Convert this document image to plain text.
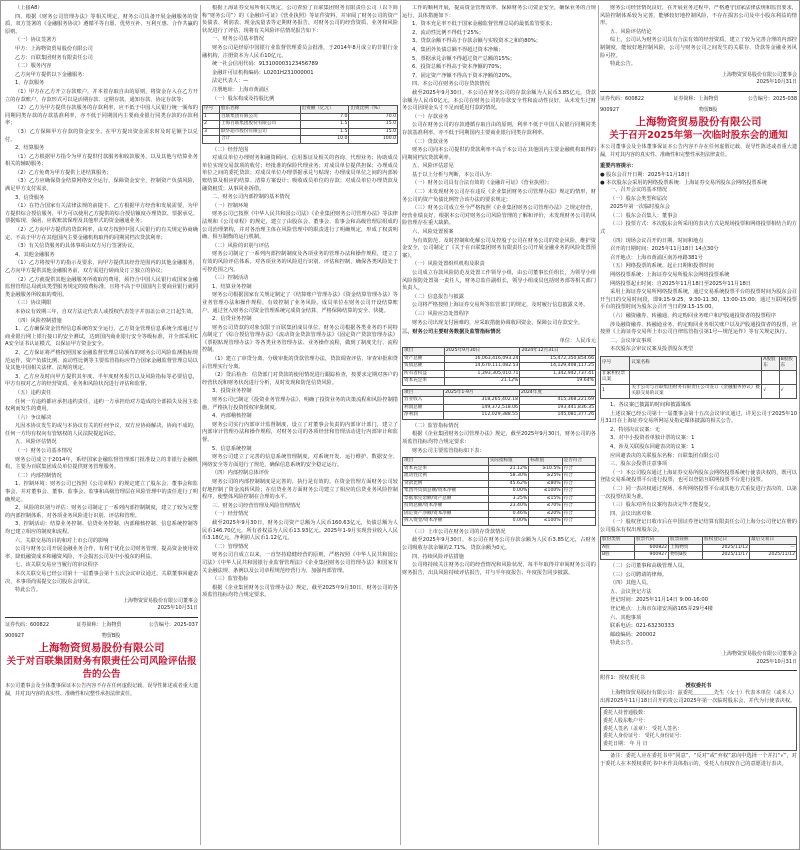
（上接A8）
四、根据《财务公司管理办法》等相关规定，财务公司具备开展金融服务的资质，双方签署的《金融服务协议》遵循平等自愿、优势互补、互利互惠、合作共赢的原则。
（一）协议签署方
甲方：上海物资贸易股份有限公司
乙方：百联集团财务有限责任公司
（二）服务内容
乙方向甲方提供以下金融服务：
1、存款服务
（1）甲方在乙方开立存款账户，并本着存取自由的原则，将资金存入在乙方开立的存款账户，存款形式可以是活期存款、定期存款、通知存款、协定存款等；
（2）乙方为甲方提供存款服务的存款利率，应不低于中国人民银行统一颁布的同期同类存款的存款基准利率，亦不低于同期国内主要商业银行同类存款的存款利率；
（3）乙方保障甲方存款的资金安全，在甲方提出资金需求时及时足额予以兑付。
2、结算服务
（1）乙方根据甲方指令为甲方提供付款服务和收款服务，以及其他与结算业务相关的辅助服务；
（2）乙方免费为甲方提供上述结算服务；
（3）乙方应确保资金结算网络安全运行，保障资金安全，控制资产负债风险，满足甲方支付需求。
3、信贷服务
（1）在符合国家有关法律法规的前提下，乙方根据甲方经营和发展需要，为甲方提供综合授信服务，甲方可以使用乙方提供的综合授信额度办理贷款、票据承兑、票据贴现、保函、应收账款保理及其他形式的资金融通业务；
（2）乙方向甲方提供的贷款利率，由双方按照中国人民银行的有关规定协商确定，不高于甲方在其他国内主要金融机构取得的同期同档次贷款利率；
（3）有关信贷服务的具体事项由双方另行签署协议。
4、其他金融服务
（1）乙方将按甲方的指示及要求，向甲方提供其经营范围内的其他金融服务，乙方向甲方提供其他金融服务前，双方需进行磋商及订立独立的协议；
（2）乙方就提供其他金融服务所收取的费用，须符合中国人民银行或国家金融监督管理总局就该类型服务规定的收费标准，且将不高于中国国内主要商业银行就同类金融服务所收取的费用。
（三）协议期限
本协议有效期三年，自双方法定代表人或授权代表签字并加盖公章之日起生效。
（四）风险控制措施
1、乙方确保资金管理信息系统的安全运行，乙方资金管理信息系统全部通过与商业银行网上银行接口的安全测试，达到国内商业银行安全等级标准，并全部采用CA安全证书认证模式，以保证甲方资金安全。
2、乙方保证将严格按照国家金融监督管理总局颁布的财务公司风险监测指标规范运作，资产负债比例、流动性比例等主要监管指标应符合国家金融监督管理总局以及其他中国相关法律、法规的规定。
3、乙方应及时向甲方提供其年度、半年度财务报告以及风险指标等必要信息，甲方有权对乙方的经营资质、业务和风险状况进行评估和监督。
（五）违约责任
任何一方违约都应承担违约责任，违约一方承担给对方造成的全部损失及因主张权利而发生的费用。
（六）争议解决
凡因本协议发生的或与本协议有关的任何争议，双方应协商解决，协商不成的，任何一方均有权向有管辖权的人民法院提起诉讼。
五、风险评估情况
（一）财务公司基本情况
财务公司成立于2014年，系经国家金融监督管理部门批准设立的非银行金融机构，主要为百联集团成员单位提供财务管理服务。
（二）内部控制情况
1、控制环境：财务公司已按照《公司章程》的规定建立了股东会、董事会和监事会，并对董事会、董事、监事会、监事和高级管理层在风险管理中的责任进行了明确规定。
2、风险的识别与评估：财务公司制定了一系列内部控制制度，建立了较为完整的内部控制体系，对各项业务风险进行识别、评估和管理。
3、控制活动：结算业务控制、信贷业务控制、内部稽核控制、信息系统控制等均已建立相应的制度和流程。
六、关联交易的目的和对上市公司的影响
公司与财务公司开展金融业务合作，有利于优化公司财务管理，提高资金使用效率，降低融资成本和融资风险，不会损害公司及中小股东的利益。
七、该关联交易应当履行的审议程序
本次关联交易已经公司第十一届董事会第十五次会议审议通过，关联董事回避表决，本事项尚需提交公司股东会审议。
特此公告。
上海物资贸易股份有限公司董事会
2025年10月31日
证券代码：600822	证券简称：上海物贸	公告编号：2025-037
900927	物贸B股
上海物资贸易股份有限公司
关于对百联集团财务有限责任公司风险评估报告的公告
本公司董事会及全体董事保证本公告内容不存在任何虚假记载、误导性陈述或者重大遗漏，并对其内容的真实性、准确性和完整性承担法律责任。
根据上海证券交易所相关规定，公司查验了百联集团财务有限责任公司（以下简称“财务公司”）的《金融许可证》《营业执照》等证件资料，并审阅了财务公司的资产负债表、利润表、现金流量表等定期财务报告，对财务公司的经营资质、业务和风险状况进行了评估，现将有关风险评估情况报告如下：
一、财务公司基本情况
财务公司是经原中国银行业监督管理委员会批准，于2014年8月成立的非银行金融机构，注册资本为人民币10亿元。
统一社会信用代码：913100003123456789
金融许可证机构编码：L0201H231000001
法定代表人：—
注册地址：上海市黄浦区
（一）股东构成及持股比例
序号	股东名称	出资额（亿元）	出资比例（%）
1	百联集团有限公司	7.0	70.0
2	上海百联集团股份有限公司	1.5	15.0
3	联华超市股份有限公司	1.5	15.0
	合计	10.0	100.0
（二）经营范围
对成员单位办理财务和融资顾问、信用鉴证及相关的咨询、代理业务；协助成员单位实现交易款项的收付；经批准的保险代理业务；对成员单位提供担保；办理成员单位之间的委托贷款；对成员单位办理票据承兑与贴现；办理成员单位之间的内部转账结算及相应的结算、清算方案设计；吸收成员单位的存款；对成员单位办理贷款及融资租赁；从事同业拆借。
二、财务公司内部控制的基本情况
（一）控制环境
财务公司已按照《中华人民共和国公司法》《企业集团财务公司管理办法》等法律法规和《公司章程》的规定，建立了由股东会、董事会、监事会和高级管理层组成的公司治理架构，并对各治理主体在风险管理中的职责进行了明确规定，形成了权责明确、相互制衡的运行机制。
（二）风险的识别与评估
财务公司制定了一系列内部控制制度及各项业务的管理办法和操作规程，建立了有效的风险评估体系，对各项业务的风险进行识别、评估和控制，确保各类风险处于可控范围之内。
（三）控制活动
1、结算业务控制
财务公司根据国家有关规定制定了《结算账户管理办法》《资金结算管理办法》等业务管理办法和操作规程，有效控制了业务风险。成员单位在财务公司开设结算账户，通过登入财务公司资金管理系统完成资金结算，严格保障结算的安全、快捷。
2、信贷业务控制
财务公司贷款的对象仅限于百联集团成员单位。财务公司根据各类业务的不同特点制定了《综合授信管理办法》《流动资金贷款管理办法》《固定资产贷款管理办法》《票据贴现管理办法》等各类业务管理办法、业务操作流程，做到了制度先行、流程控制。
（1）建立了审贷分离、分级审批的贷款管理办法，贷款调查评估、审查审批和贷后管理实行分离。
（2）贷后检查：信贷部门对贷款的使用情况进行跟踪检查，按要求定期对客户的经营状况和财务状况进行分析，及时发现和防范信贷风险。
3、投资业务控制
财务公司已制定《投资业务管理办法》，明确了投资业务的决策流程和风险控制措施，严格执行投资授权审批制度。
4、内部稽核控制
财务公司实行内部审计监督制度，设立了对董事会负责的内部审计部门，建立了内部审计管理办法和操作规程，对财务公司的各项经营和管理活动进行内部审计和监督。
5、信息系统控制
财务公司建立了完善的信息系统管理制度，对系统开发、运行维护、数据安全、网络安全等方面进行了规范，确保信息系统的安全稳定运行。
（四）内部控制总体评价
财务公司的内部控制制度是完善的，执行是有效的。在资金管理方面财务公司较好地控制了资金流转风险；在信贷业务方面财务公司建立了相应的信贷业务风险控制程序，使整体风险控制在合理的水平。
三、财务公司经营管理及风险管理情况
（一）经营情况
截至2025年9月30日，财务公司资产总额为人民币160.63亿元，负债总额为人民币146.70亿元，所有者权益为人民币13.93亿元。2025年1-9月实现营业收入人民币3.18亿元，净利润人民币1.12亿元。
（二）管理情况
财务公司自成立以来，一直坚持稳健经营的原则，严格按照《中华人民共和国公司法》《中华人民共和国银行业监督管理法》《企业集团财务公司管理办法》和国家有关金融法规、条例以及公司章程规范经营行为，加强内部管理。
（三）监管指标
根据《企业集团财务公司管理办法》规定，截至2025年9月30日，财务公司的各项监管指标均符合规定要求。
工作的顺利开展，提高资金管理效率，保障财务公司资金安全，确保业务的合规运行，具体措施如下：
1、资本充足率不低于国家金融监督管理总局的最低监管要求；
2、流动性比例不得低于25%；
3、贷款余额不得高于存款余额与实收资本之和的80%；
4、集团外负债总额不得超过资本净额；
5、票据承兑余额不得超过资产总额的15%；
6、投资总额不得高于资本净额的70%；
7、固定资产净额不得高于资本净额的20%。
四、本公司在财务公司存贷款情况
截至2025年9月30日，本公司在财务公司的存款余额为人民币3.85亿元，贷款余额为人民币0亿元。本公司在财务公司的存款安全性和流动性良好，从未发生过财务公司因现金头寸不足而延迟付款的情况。
（一）存款业务
公司在财务公司的存款遵循存取自由的原则，利率不低于中国人民银行同期同类存款基准利率，亦不低于同期国内主要商业银行同类存款利率。
（二）贷款业务
财务公司向本公司提供的贷款利率不高于本公司在其他国内主要金融机构取得的同期同档次贷款利率。
五、风险评估意见
基于以上分析与判断，本公司认为：
（一）财务公司具有合法有效的《金融许可证》《营业执照》；
（二）未发现财务公司存在违反《企业集团财务公司管理办法》规定的情形，财务公司的资产负债比例符合该办法的要求规定；
（三）财务公司成立至今严格按照《企业集团财务公司管理办法》之规定经营，经营业绩良好，根据本公司对财务公司风险管理的了解和评价，未发现财务公司的风险管理存在重大缺陷。
六、风险处置预案
为有效防范、及时控制和化解公司及控股子公司在财务公司的资金风险，维护资金安全，公司制定了《关于在百联集团财务有限责任公司开展金融业务的风险处置预案》。
（一）风险处置组织机构及职责
公司成立存款风险防范及处置工作领导小组，由公司董事长任组长，为领导小组风险预防处置第一责任人，财务总监任副组长，领导小组成员包括财务部等相关部门负责人。
（二）信息报告与披露
公司将严格按照上海证券交易所等监管部门的规定，及时履行信息披露义务。
（三）风险应急处置程序
财务公司出现支付困难的，应采取措施协调收回资金，保障公司存款安全。
三、财务公司主要财务数据及监管指标情况
单位：人民币元
项目	2025年9月30日	2024年12月31日
资产总额	16,063,416,093.24	15,472,350,854.66
负债总额	14,670,111,082.53	14,129,408,117.25
所有者权益	1,393,305,010.71	1,342,942,737.41
资本充足率	21.12%	19.64%
项目	2025年1-9月	2024年度
营业收入	318,265,402.18	415,368,221.69
利润总额	149,372,518.06	193,441,836.35
净利润	112,029,388.55	145,081,377.26
（二）监管指标情况
根据《企业集团财务公司管理办法》规定，截至2025年9月30日，财务公司的各项监管指标均符合规定要求：
财务公司主要监管指标如下表：
项目	实际指标值	标准值	是否符合
资本充足率	21.12%	≥10.5%	符合
流动性比例	58.30%	≥25%	符合
贷款比例	45.62%	≤80%	符合
集团外负债总额/资本净额	0.00%	≤100%	符合
票据承兑余额/资产总额	3.25%	≤15%	符合
投资总额/资本净额	23.40%	≤70%	符合
固定资产净额/资本净额	0.46%	≤20%	符合
拆入资金/资本净额	0.00%	≤100%	符合
（三）上市公司在财务公司的存贷款情况
截至2025年9月30日，本公司在财务公司存款余额为人民币3.85亿元，占财务公司吸收存款余额的2.71%，贷款余额为0元。
四、持续风险评估措施
公司将持续关注财务公司的经营情况和风险状况，每半年取得并审阅财务公司的财务报告，出具风险持续评估报告，并与半年度报告、年度报告同步披露。
财务公司经营情况良好，在开展业务过程中，严格遵守国家法律法规和监管要求，风险控制体系较为完善，能够较好地控制风险，不存在损害公司及中小股东利益的情形。
五、风险评估结论
综上，公司认为财务公司具有合法有效的经营资质，建立了较为完善合理的内部控制制度，能较好地控制风险，公司与财务公司之间发生的关联存、贷款等金融业务风险可控。
特此公告。
上海物资贸易股份有限公司董事会
2025年10月31日
证券代码：600822	证券简称：上海物贸	公告编号：2025-038
900927	物贸B股
上海物资贸易股份有限公司
关于召开2025年第一次临时股东会的通知
本公司董事会及全体董事保证本公告内容不存在任何虚假记载、误导性陈述或者重大遗漏，并对其内容的真实性、准确性和完整性承担法律责任。
重要内容提示：
● 股东会召开日期：2025年11月18日
● 本次股东会采用的网络投票系统：上海证券交易所股东会网络投票系统
一、召开会议的基本情况
（一）股东会类型和届次
2025年第一次临时股东会
（二）股东会召集人：董事会
（三）投票方式：本次股东会所采用的表决方式是现场投票和网络投票相结合的方式
（四）现场会议召开的日期、时间和地点
召开的日期时间：2025年11月18日 14点30分
召开地点：上海市黄浦区南苏州路381号
（五）网络投票的系统、起止日期和投票时间
网络投票系统：上海证券交易所股东会网络投票系统
网络投票起止时间：自2025年11月18日至2025年11月18日
采用上海证券交易所网络投票系统，通过交易系统投票平台的投票时间为股东会召开当日的交易时间段，即9:15-9:25，9:30-11:30，13:00-15:00；通过互联网投票平台的投票时间为股东会召开当日的9:15-15:00。
（六）融资融券、转融通、约定购回业务账户和沪股通投资者的投票程序
涉及融资融券、转融通业务、约定购回业务相关账户以及沪股通投资者的投票，应按照《上海证券交易所上市公司自律监管指引第1号—规范运作》等有关规定执行。
二、会议审议事项
本次股东会审议议案及投票股东类型
序号	议案名称	A股股东	B股股东
非累积投票议案			
1	关于公司与百联集团财务有限责任公司签订《金融服务协议》暨关联交易的议案	√	√
1、各议案已披露的时间和披露媒体
上述议案已经公司第十一届董事会第十五次会议审议通过，详见公司于2025年10月31日在上海证券交易所网站及指定媒体披露的相关公告。
2、特别决议议案：无
3、对中小投资者单独计票的议案：1
4、涉及关联股东回避表决的议案：1
应回避表决的关联股东名称：百联集团有限公司
三、股东会投票注意事项
（一）本公司股东通过上海证券交易所股东会网络投票系统行使表决权的，既可以登陆交易系统投票平台进行投票，也可以登陆互联网投票平台进行投票。
（二）同一表决权通过现场、本所网络投票平台或其他方式重复进行表决的，以第一次投票结果为准。
（三）股东对所有议案均表决完毕才能提交。
四、会议出席对象
（一）股权登记日收市后在中国证券登记结算有限责任公司上海分公司登记在册的公司股东有权出席股东会。
股份类别	股票代码	股票简称	股权登记日	最后交易日
A股	600822	上海物贸	2025/11/12	—
B股	900927	物贸B股	2025/11/17	2025/11/12
（二）公司董事和高级管理人员。
（三）公司聘请的律师。
（四）其他人员。
五、会议登记方法
登记时间：2025年11月14日 9:00-16:00
登记地点：上海市东诸安浜路165弄29号4楼
六、其他事项
联系电话：021-63230333
邮政编码：200002
特此公告。
上海物资贸易股份有限公司董事会
2025年10月31日
附件1：授权委托书
授权委托书
上海物资贸易股份有限公司：兹委托＿＿＿＿先生（女士）代表本单位（或本人）出席2025年11月18日召开的贵公司2025年第一次临时股东会，并代为行使表决权。
委托人持普通股数：
委托人股东帐户号：
委托人签名（盖章）： 受托人签名：
委托人身份证号： 受托人身份证号：
委托日期： 年 月 日
备注：委托人应在委托书中“同意”、“反对”或“弃权”意向中选择一个并打“√”，对于委托人在本授权委托书中未作具体指示的，受托人有权按自己的意愿进行表决。
